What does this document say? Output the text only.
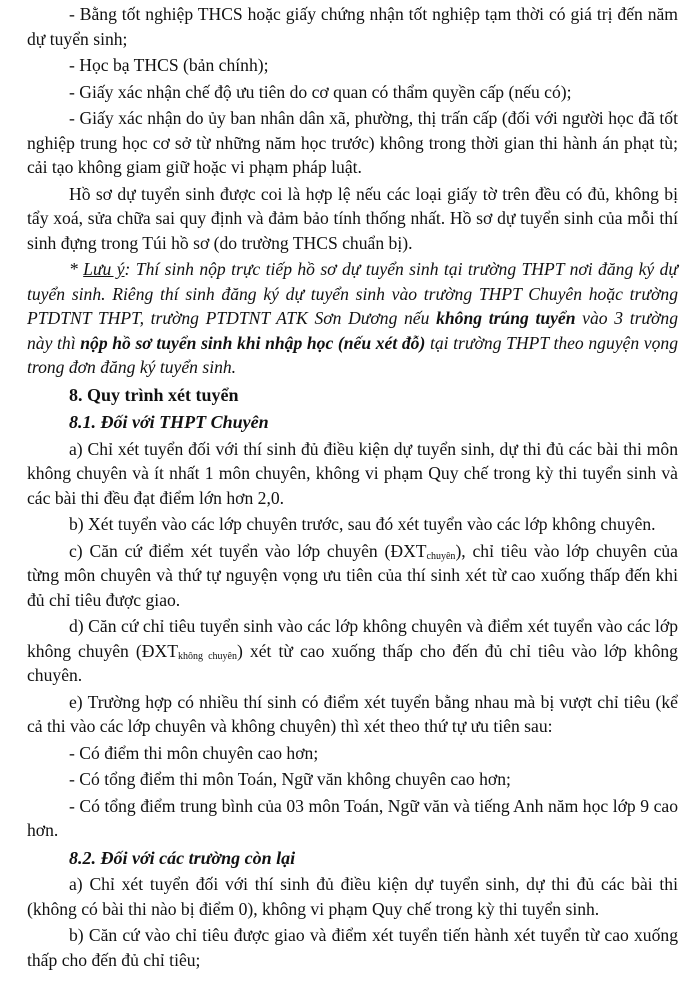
- Bằng tốt nghiệp THCS hoặc giấy chứng nhận tốt nghiệp tạm thời có giá trị đến năm dự tuyển sinh;

- Học bạ THCS (bản chính);

- Giấy xác nhận chế độ ưu tiên do cơ quan có thẩm quyền cấp (nếu có);

- Giấy xác nhận do ủy ban nhân dân xã, phường, thị trấn cấp (đối với người học đã tốt nghiệp trung học cơ sở từ những năm học trước) không trong thời gian thi hành án phạt tù; cải tạo không giam giữ hoặc vi phạm pháp luật.

Hồ sơ dự tuyển sinh được coi là hợp lệ nếu các loại giấy tờ trên đều có đủ, không bị tẩy xoá, sửa chữa sai quy định và đảm bảo tính thống nhất. Hồ sơ dự tuyển sinh của mỗi thí sinh đựng trong Túi hồ sơ (do trường THCS chuẩn bị).

* Lưu ý: Thí sinh nộp trực tiếp hồ sơ dự tuyển sinh tại trường THPT nơi đăng ký dự tuyển sinh. Riêng thí sinh đăng ký dự tuyển sinh vào trường THPT Chuyên hoặc trường PTDTNT THPT, trường PTDTNT ATK Sơn Dương nếu không trúng tuyển vào 3 trường này thì nộp hồ sơ tuyển sinh khi nhập học (nếu xét đỗ) tại trường THPT theo nguyện vọng trong đơn đăng ký tuyển sinh.

8. Quy trình xét tuyển

8.1. Đối với THPT Chuyên

a) Chỉ xét tuyển đối với thí sinh đủ điều kiện dự tuyển sinh, dự thi đủ các bài thi môn không chuyên và ít nhất 1 môn chuyên, không vi phạm Quy chế trong kỳ thi tuyển sinh và các bài thi đều đạt điểm lớn hơn 2,0.

b) Xét tuyển vào các lớp chuyên trước, sau đó xét tuyển vào các lớp không chuyên.

c) Căn cứ điểm xét tuyển vào lớp chuyên $(ĐXT_{chuyên})$, chỉ tiêu vào lớp chuyên của từng môn chuyên và thứ tự nguyện vọng ưu tiên của thí sinh xét từ cao xuống thấp đến khi đủ chỉ tiêu được giao.

d) Căn cứ chỉ tiêu tuyển sinh vào các lớp không chuyên và điểm xét tuyển vào các lớp không chuyên $(ĐXT_{không chuyên})$ xét từ cao xuống thấp cho đến đủ chỉ tiêu vào lớp không chuyên.

e) Trường hợp có nhiều thí sinh có điểm xét tuyển bằng nhau mà bị vượt chỉ tiêu (kể cả thi vào các lớp chuyên và không chuyên) thì xét theo thứ tự ưu tiên sau:

- Có điểm thi môn chuyên cao hơn;

- Có tổng điểm thi môn Toán, Ngữ văn không chuyên cao hơn;

- Có tổng điểm trung bình của 03 môn Toán, Ngữ văn và tiếng Anh năm học lớp 9 cao hơn.

8.2. Đối với các trường còn lại

a) Chỉ xét tuyển đối với thí sinh đủ điều kiện dự tuyển sinh, dự thi đủ các bài thi (không có bài thi nào bị điểm 0), không vi phạm Quy chế trong kỳ thi tuyển sinh.

b) Căn cứ vào chỉ tiêu được giao và điểm xét tuyển tiến hành xét tuyển từ cao xuống thấp cho đến đủ chỉ tiêu;
